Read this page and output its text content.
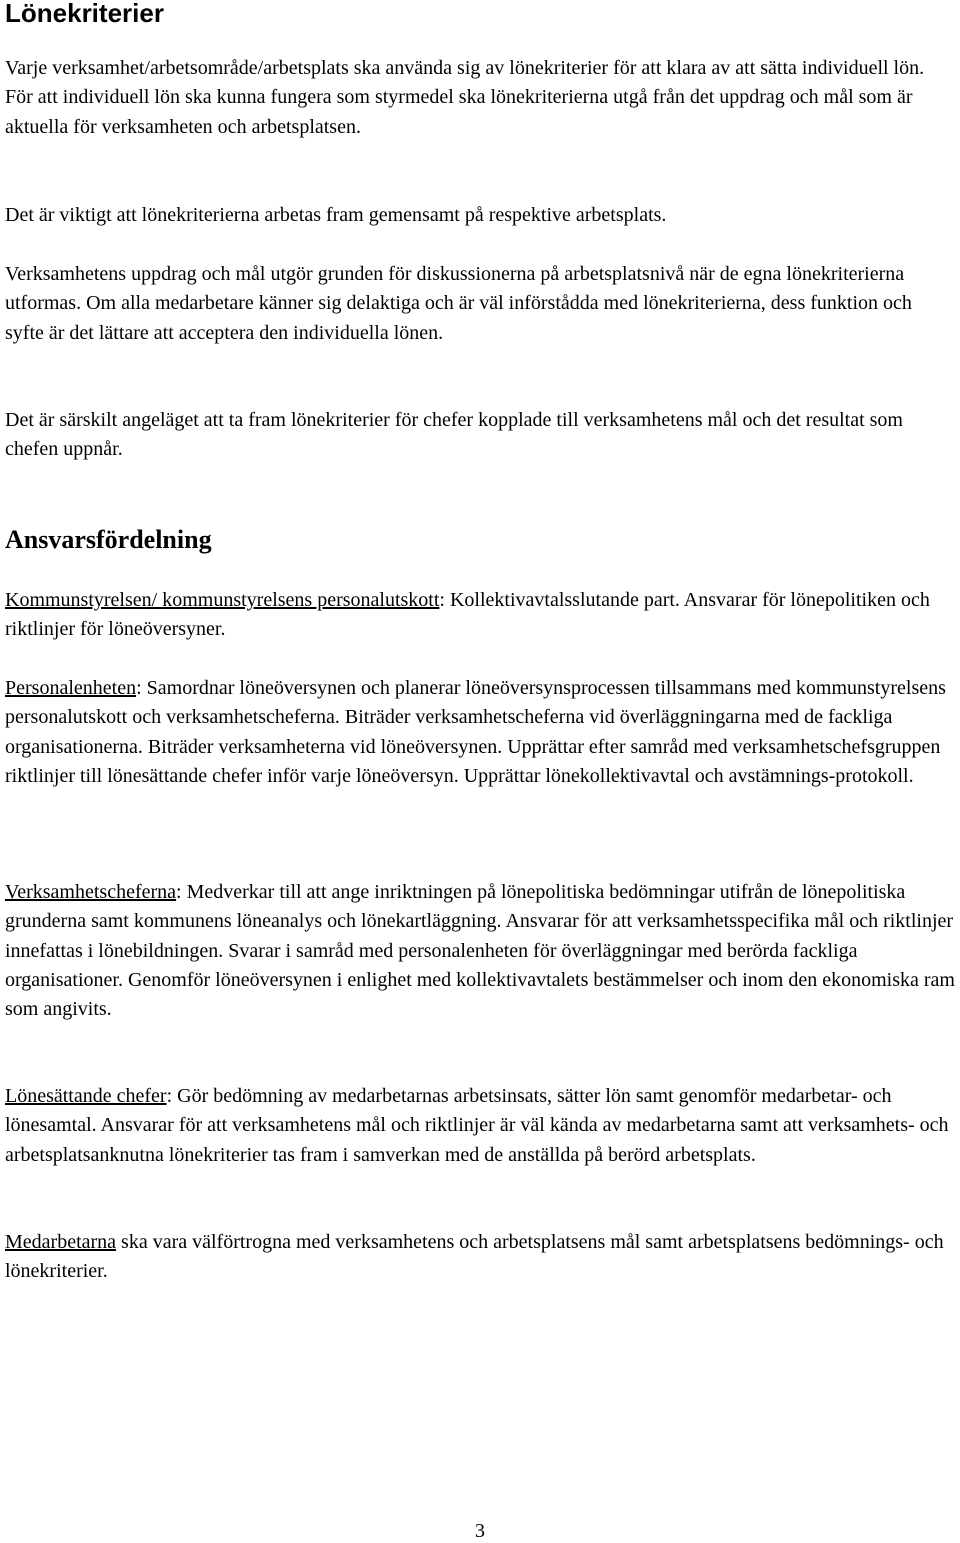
Lönekriterier

Varje verksamhet/arbetsområde/arbetsplats ska använda sig av lönekriterier för att klara av att sätta individuell lön. För att individuell lön ska kunna fungera som styrmedel ska lönekriterierna utgå från det uppdrag och mål som är aktuella för verksamheten och arbetsplatsen.

Det är viktigt att lönekriterierna arbetas fram gemensamt på respektive arbetsplats.

Verksamhetens uppdrag och mål utgör grunden för diskussionerna på arbetsplatsnivå när de egna lönekriterierna utformas. Om alla medarbetare känner sig delaktiga och är väl införstådda med lönekriterierna, dess funktion och syfte är det lättare att acceptera den individuella lönen.

Det är särskilt angeläget att ta fram lönekriterier för chefer kopplade till verksamhetens mål och det resultat som chefen uppnår.

Ansvarsfördelning

Kommunstyrelsen/ kommunstyrelsens personalutskott: Kollektivavtalsslutande part. Ansvarar för lönepolitiken och riktlinjer för löneöversyner.

Personalenheten: Samordnar löneöversynen och planerar löneöversynsprocessen tillsammans med kommunstyrelsens personalutskott och verksamhetscheferna. Biträder verksamhetscheferna vid överläggningarna med de fackliga organisationerna. Biträder verksamheterna vid löneöversynen. Upprättar efter samråd med verksamhetschefsgruppen riktlinjer till lönesättande chefer inför varje löneöversyn. Upprättar lönekollektivavtal och avstämnings-protokoll.

Verksamhetscheferna: Medverkar till att ange inriktningen på lönepolitiska bedömningar utifrån de lönepolitiska grunderna samt kommunens löneanalys och lönekartläggning. Ansvarar för att verksamhetsspecifika mål och riktlinjer innefattas i lönebildningen. Svarar i samråd med personalenheten för överläggningar med berörda fackliga organisationer. Genomför löneöversynen i enlighet med kollektivavtalets bestämmelser och inom den ekonomiska ram som angivits.

Lönesättande chefer: Gör bedömning av medarbetarnas arbetsinsats, sätter lön samt genomför medarbetar- och lönesamtal. Ansvarar för att verksamhetens mål och riktlinjer är väl kända av medarbetarna samt att verksamhets- och arbetsplatsanknutna lönekriterier tas fram i samverkan med de anställda på berörd arbetsplats.

Medarbetarna ska vara välförtrogna med verksamhetens och arbetsplatsens mål samt arbetsplatsens bedömnings- och lönekriterier.

3
